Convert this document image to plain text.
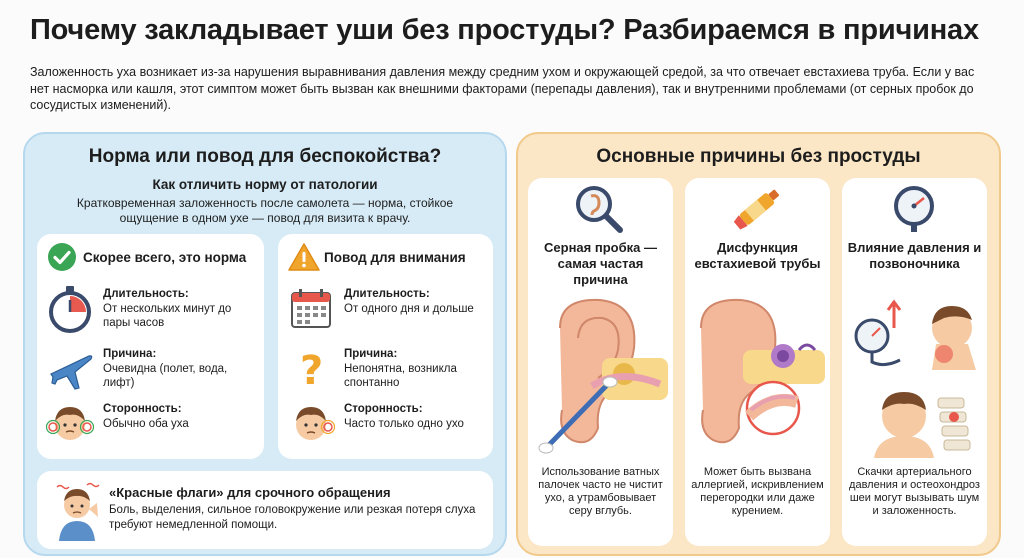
Почему закладывает уши без простуды? Разбираемся в причинах
Заложенность уха возникает из-за нарушения выравнивания давления между средним ухом и окружающей средой, за что отвечает евстахиева труба. Если у вас нет насморка или кашля, этот симптом может быть вызван как внешними факторами (перепады давления), так и внутренними проблемами (от серных пробок до сосудистых изменений).
Норма или повод для беспокойства?
Как отличить норму от патологии
Кратковременная заложенность после самолета — норма, стойкое ощущение в одном ухе — повод для визита к врачу.
Скорее всего, это норма
Длительность:
От нескольких минут до пары часов
Причина:
Очевидна (полет, вода, лифт)
Сторонность:
Обычно оба уха
Повод для внимания
Длительность:
От одного дня и дольше
? Причина:
Непонятна, возникла спонтанно
Сторонность:
Часто только одно ухо
«Красные флаги» для срочного обращения
Боль, выделения, сильное головокружение или резкая потеря слуха требуют немедленной помощи.
Основные причины без простуды
Серная пробка — самая частая причина
Использование ватных палочек часто не чистит ухо, а утрамбовывает серу вглубь.
Дисфункция евстахиевой трубы
Может быть вызвана аллергией, искривлением перегородки или даже курением.
Влияние давления и позвоночника
Скачки артериального давления и остеохондроз шеи могут вызывать шум и заложенность.
